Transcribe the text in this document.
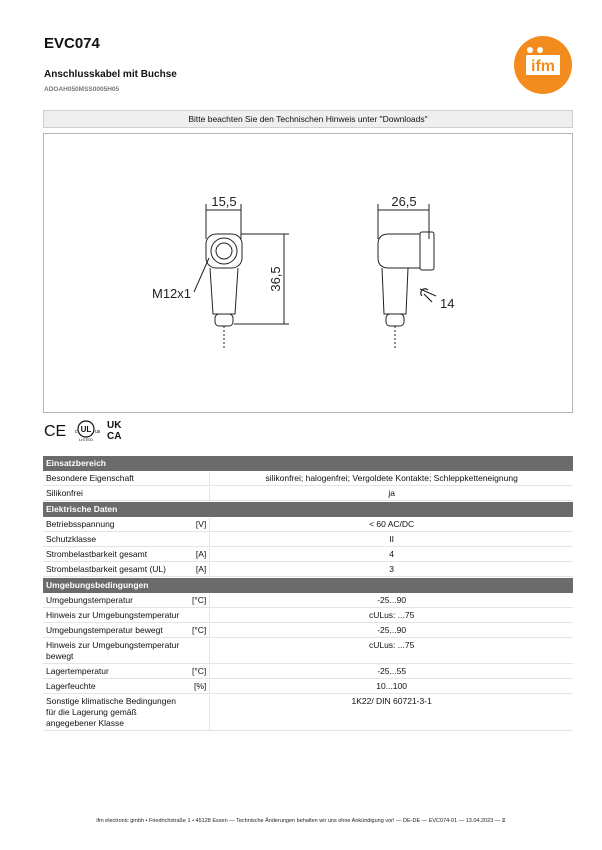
EVC074
Anschlusskabel mit Buchse
ADOAH050MSS0005H05
ifm
Bitte beachten Sie den Technischen Hinweis unter "Downloads"
15,5	26,5
M12x1
14
36,5
CE UL
c	us
LISTED
UK
CA
Einsatzbereich		
Besondere Eigenschaft		silikonfrei; halogenfrei; Vergoldete Kontakte; Schleppketteneignung
Silikonfrei		ja
Elektrische Daten		
Betriebsspannung	[V]	< 60 AC/DC
Schutzklasse		II
Strombelastbarkeit gesamt	[A]	4
Strombelastbarkeit gesamt (UL)	[A]	3
Umgebungsbedingungen		
Umgebungstemperatur	[°C]	-25...90
Hinweis zur Umgebungstemperatur		cULus: ...75
Umgebungstemperatur bewegt	[°C]	-25...90
Hinweis zur Umgebungstemperatur bewegt		cULus: ...75
Lagertemperatur	[°C]	-25...55
Lagerfeuchte	[%]	10...100
Sonstige klimatische Bedingungen für die Lagerung gemäß angegebener Klasse		1K22/ DIN 60721-3-1
ifm electronic gmbh • Friedrichstraße 1 • 45128 Essen — Technische Änderungen behalten wir uns ohne Ankündigung vor! — DE-DE — EVC074-01 — 13.04.2023 — ⧖
